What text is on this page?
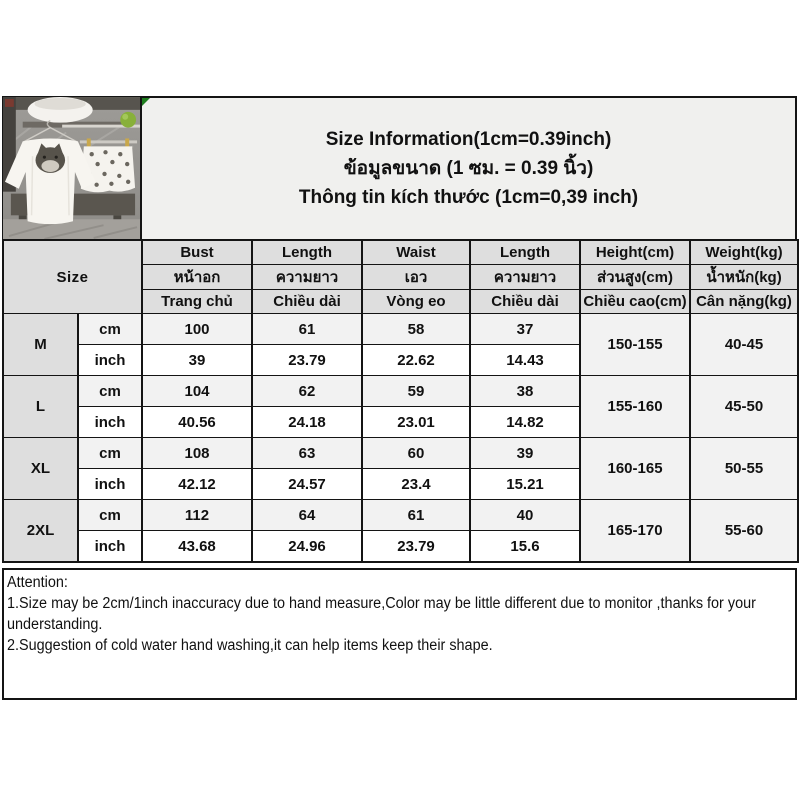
Size Information(1cm=0.39inch)
ข้อมูลขนาด (1 ซม. = 0.39 นิ้ว)
Thông tin kích thước (1cm=0,39 inch)
Size		Bust	Length	Waist	Length	Height(cm)	Weight(kg)
		หน้าอก	ความยาว	เอว	ความยาว	ส่วนสูง(cm)	น้ำหนัก(kg)
		Trang chủ	Chiều dài	Vòng eo	Chiều dài	Chiều cao(cm)	Cân nặng(kg)
M	cm	100	61	58	37	150-155	40-45
	inch	39	23.79	22.62	14.43		
L	cm	104	62	59	38	155-160	45-50
	inch	40.56	24.18	23.01	14.82		
XL	cm	108	63	60	39	160-165	50-55
	inch	42.12	24.57	23.4	15.21		
2XL	cm	112	64	61	40	165-170	55-60
	inch	43.68	24.96	23.79	15.6		
Attention:
1.Size may be 2cm/1inch inaccuracy due to hand measure,Color may be little different due to monitor ,thanks for your
understanding.
2.Suggestion of cold water hand washing,it can help items keep their shape.
